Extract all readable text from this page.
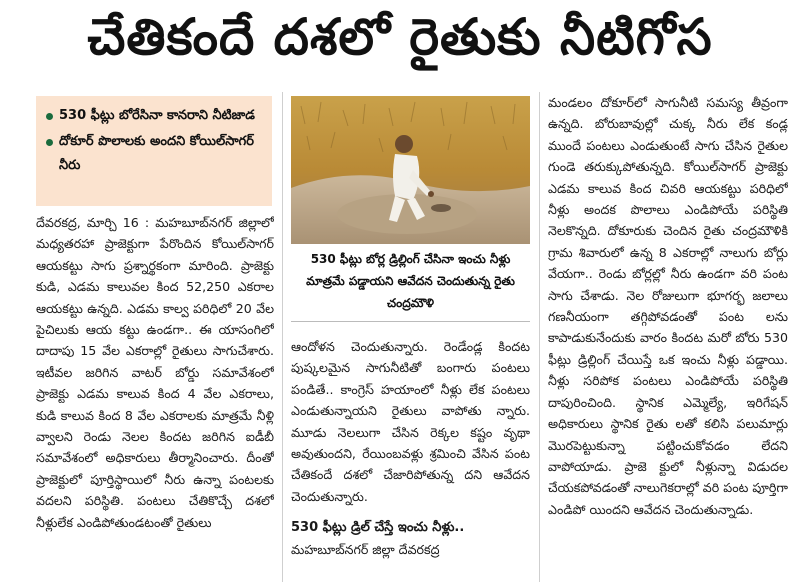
చేతికందే దశలో రైతుకు నీటిగోస
530 ఫీట్లు బోరేసినా కానరాని నీటిజాడ
దోకూర్ పొలాలకు అందని కోయిల్‌సాగర్ నీరు
దేవరకద్ర, మార్చి 16 : మహబూబ్‌నగర్ జిల్లాలో మధ్యతరహా ప్రాజెక్టుగా పేరొందిన కోయిల్‌సాగర్ ఆయకట్టు సాగు ప్రశ్నార్థకంగా మారింది. ప్రాజెక్టు కుడి, ఎడమ కాలువల కింద 52,250 ఎకరాల ఆయకట్టు ఉన్నది. ఎడమ కాల్వ పరిధిలో 20 వేల పైచిలుకు ఆయ కట్టు ఉండగా.. ఈ యాసంగిలో దాదాపు 15 వేల ఎకరాల్లో రైతులు సాగుచేశారు. ఇటీవల జరిగిన వాటర్ బోర్డు సమావేశంలో ప్రాజెక్టు ఎడమ కాలువ కింద 4 వేల ఎకరాలు, కుడి కాలువ కింద 8 వేల ఎకరాలకు మాత్రమే నీళ్లి వ్వాలని రెండు నెలల కిందట జరిగిన ఐడీబీ సమావేశంలో అధికారులు తీర్మానించారు. దీంతో ప్రాజెక్టులో పూర్తిస్థాయిలో నీరు ఉన్నా పంటలకు వదలని పరిస్థితి. పంటలు చేతికొచ్చే దశలో నీళ్లులేక ఎండిపోతుండటంతో రైతులు
530 ఫీట్లు బోర్ల డ్రిల్లింగ్ చేసినా ఇంచు నీళ్లు మాత్రమే పడ్డాయని ఆవేదన చెందుతున్న రైతు చంద్రమౌళి
ఆందోళన చెందుతున్నారు. రెండేండ్ల కిందట పుష్కలమైన సాగునీటితో బంగారు పంటలు పండితే.. కాంగ్రెస్ హయాంలో నీళ్లు లేక పంటలు ఎండుతున్నాయని రైతులు వాపోతు న్నారు. మూడు నెలలుగా చేసిన రెక్కల కష్టం వృథా అవుతుందని, రేయింబవళ్లు శ్రమించి వేసిన పంట చేతికందే దశలో చేజారిపోతున్న దని ఆవేదన చెందుతున్నారు.
530 ఫీట్లు డ్రిల్ చేస్తే ఇంచు నీళ్లు..
మహబూబ్‌నగర్ జిల్లా దేవరకద్ర
మండలం దోకూర్‌లో సాగునీటి సమస్య తీవ్రంగా ఉన్నది. బోరుబావుల్లో చుక్క నీరు లేక కండ్ల ముందే పంటలు ఎండుతుంటే సాగు చేసిన రైతుల గుండె తరుక్కుపోతున్నది. కోయిల్‌సాగర్ ప్రాజెక్టు ఎడమ కాలువ కింద చివరి ఆయకట్టు పరిధిలో నీళ్లు అందక పొలాలు ఎండిపోయే పరిస్థితి నెలకొన్నది. దోకూరుకు చెందిన రైతు చంద్రమౌళికి గ్రామ శివారులో ఉన్న 8 ఎకరాల్లో నాలుగు బోర్లు వేయగా.. రెండు బోర్లల్లో నీరు ఉండగా వరి పంట సాగు చేశాడు. నెల రోజులుగా భూగర్భ జలాలు గణనీయంగా తగ్గిపోవడంతో పంట లను కాపాడుకునేందుకు వారం కిందట మరో బోరు 530 ఫీట్లు డ్రిల్లింగ్ చేయిస్తే ఒక ఇంచు నీళ్లు పడ్డాయి. నీళ్లు సరిపోక పంటలు ఎండిపోయే పరిస్థితి దాపురించింది. స్థానిక ఎమ్మెల్యే, ఇరిగేషన్ అధికారులు స్థానిక రైతు లతో కలిసి పలుమార్లు మొరపెట్టుకున్నా పట్టించుకోవడం లేదని వాపోయాడు. ప్రాజె క్టులో నీళ్లున్నా విడుదల చేయకపోవడంతో నాలుగెకరాల్లో వరి పంట పూర్తిగా ఎండిపో యిందని ఆవేదన చెందుతున్నాడు.
